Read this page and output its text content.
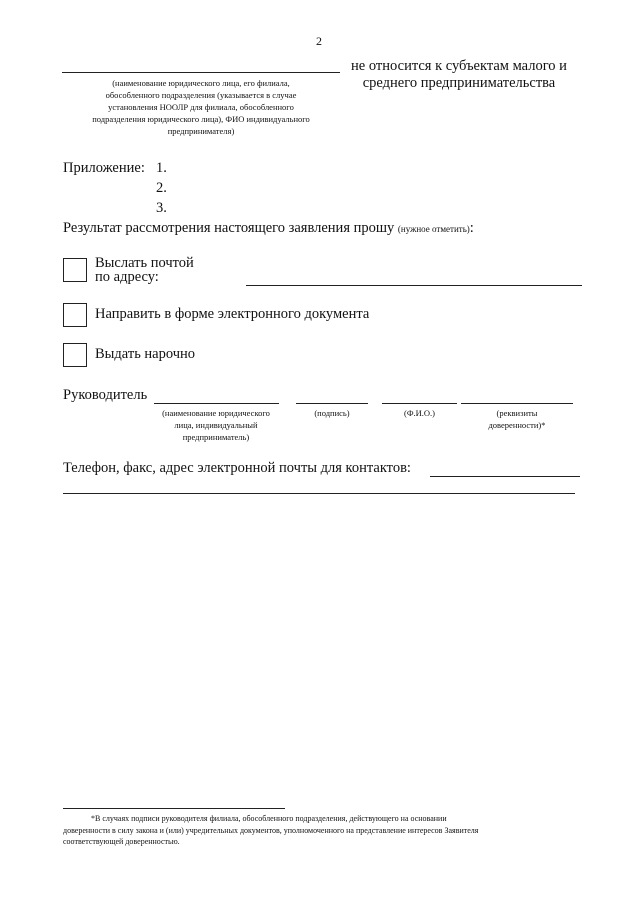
2
(наименование юридического лица, его филиала,
обособленного подразделения (указывается в случае
установления НООЛР для филиала, обособленного
подразделения юридического лица), ФИО индивидуального
предпринимателя)
не относится к субъектам малого и
среднего предпринимательства
Приложение: 1.
2.
3.
Результат рассмотрения настоящего заявления прошу (нужное отметить):
Выслать почтой
по адресу:
Направить в форме электронного документа
Выдать нарочно
Руководитель
(наименование юридического
лица, индивидуальный
предприниматель)
(подпись)	(Ф.И.О.)	(реквизиты
доверенности)*
Телефон, факс, адрес электронной почты для контактов:
*В случаях подписи руководителя филиала, обособленного подразделения, действующего на основании
доверенности в силу закона и (или) учредительных документов, уполномоченного на представление интересов Заявителя
соответствующей доверенностью.
